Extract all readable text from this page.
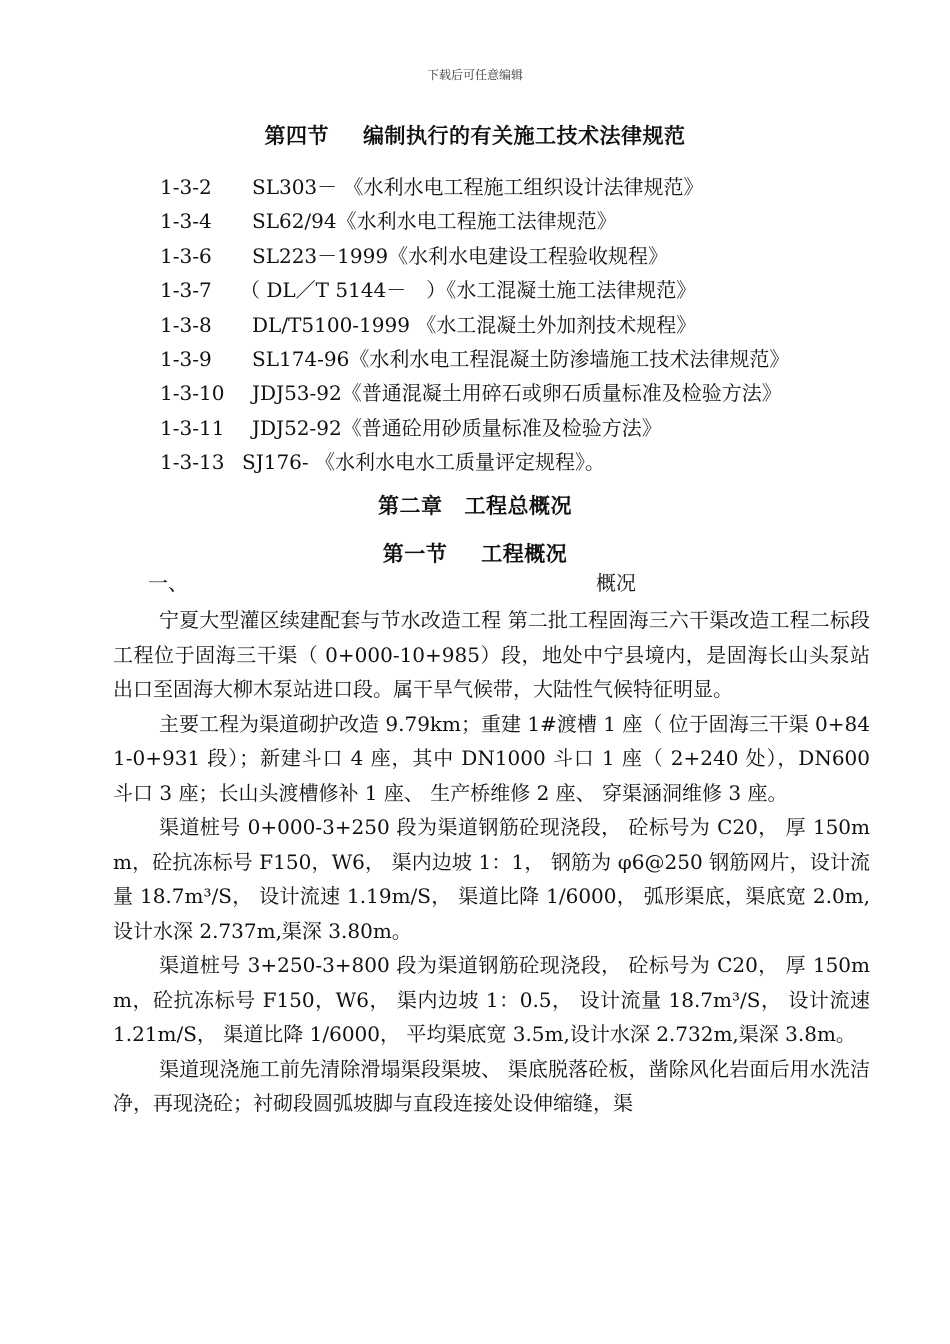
下载后可任意编辑
第四节 编制执行的有关施工技术法律规范
1-3-2 SL303－ 《水利水电工程施工组织设计法律规范》
1-3-4 SL62/94《水利水电工程施工法律规范》
1-3-6 SL223－1999《水利水电建设工程验收规程》
1-3-7 （ DL／T 5144－　）《水工混凝土施工法律规范》
1-3-8 DL/T5100-1999 《水工混凝土外加剂技术规程》
1-3-9 SL174-96《水利水电工程混凝土防渗墙施工技术法律规范》
1-3-10 JDJ53-92《普通混凝土用碎石或卵石质量标准及检验方法》
1-3-11 JDJ52-92《普通砼用砂质量标准及检验方法》
1-3-13 SJ176- 《水利水电水工质量评定规程》。
第二章 工程总概况
第一节 工程概况
一、	概况

宁夏大型灌区续建配套与节水改造工程 第二批工程固海三六干渠改造工程二标段工程位于固海三干渠（ 0+000-10+985）段，地处中宁县境内，是固海长山头泵站出口至固海大柳木泵站进口段。属干旱气候带，大陆性气候特征明显。

主要工程为渠道砌护改造 9.79km；重建 1#渡槽 1 座（ 位于固海三干渠 0+841-0+931 段）；新建斗口 4 座，其中 DN1000 斗口 1 座（ 2+240 处），DN600 斗口 3 座；长山头渡槽修补 1 座、 生产桥维修 2 座、 穿渠涵洞维修 3 座。

渠道桩号 0+000-3+250 段为渠道钢筋砼现浇段， 砼标号为 C20， 厚 150mm，砼抗冻标号 F150，W6， 渠内边坡 1：1， 钢筋为 φ6@250 钢筋网片，设计流量 18.7m³/S， 设计流速 1.19m/S， 渠道比降 1/6000， 弧形渠底，渠底宽 2.0m,设计水深 2.737m,渠深 3.80m。

渠道桩号 3+250-3+800 段为渠道钢筋砼现浇段， 砼标号为 C20， 厚 150mm，砼抗冻标号 F150，W6， 渠内边坡 1：0.5， 设计流量 18.7m³/S， 设计流速 1.21m/S， 渠道比降 1/6000， 平均渠底宽 3.5m,设计水深 2.732m,渠深 3.8m。

渠道现浇施工前先清除滑塌渠段渠坡、 渠底脱落砼板，凿除风化岩面后用水洗洁净，再现浇砼；衬砌段圆弧坡脚与直段连接处设伸缩缝，渠
